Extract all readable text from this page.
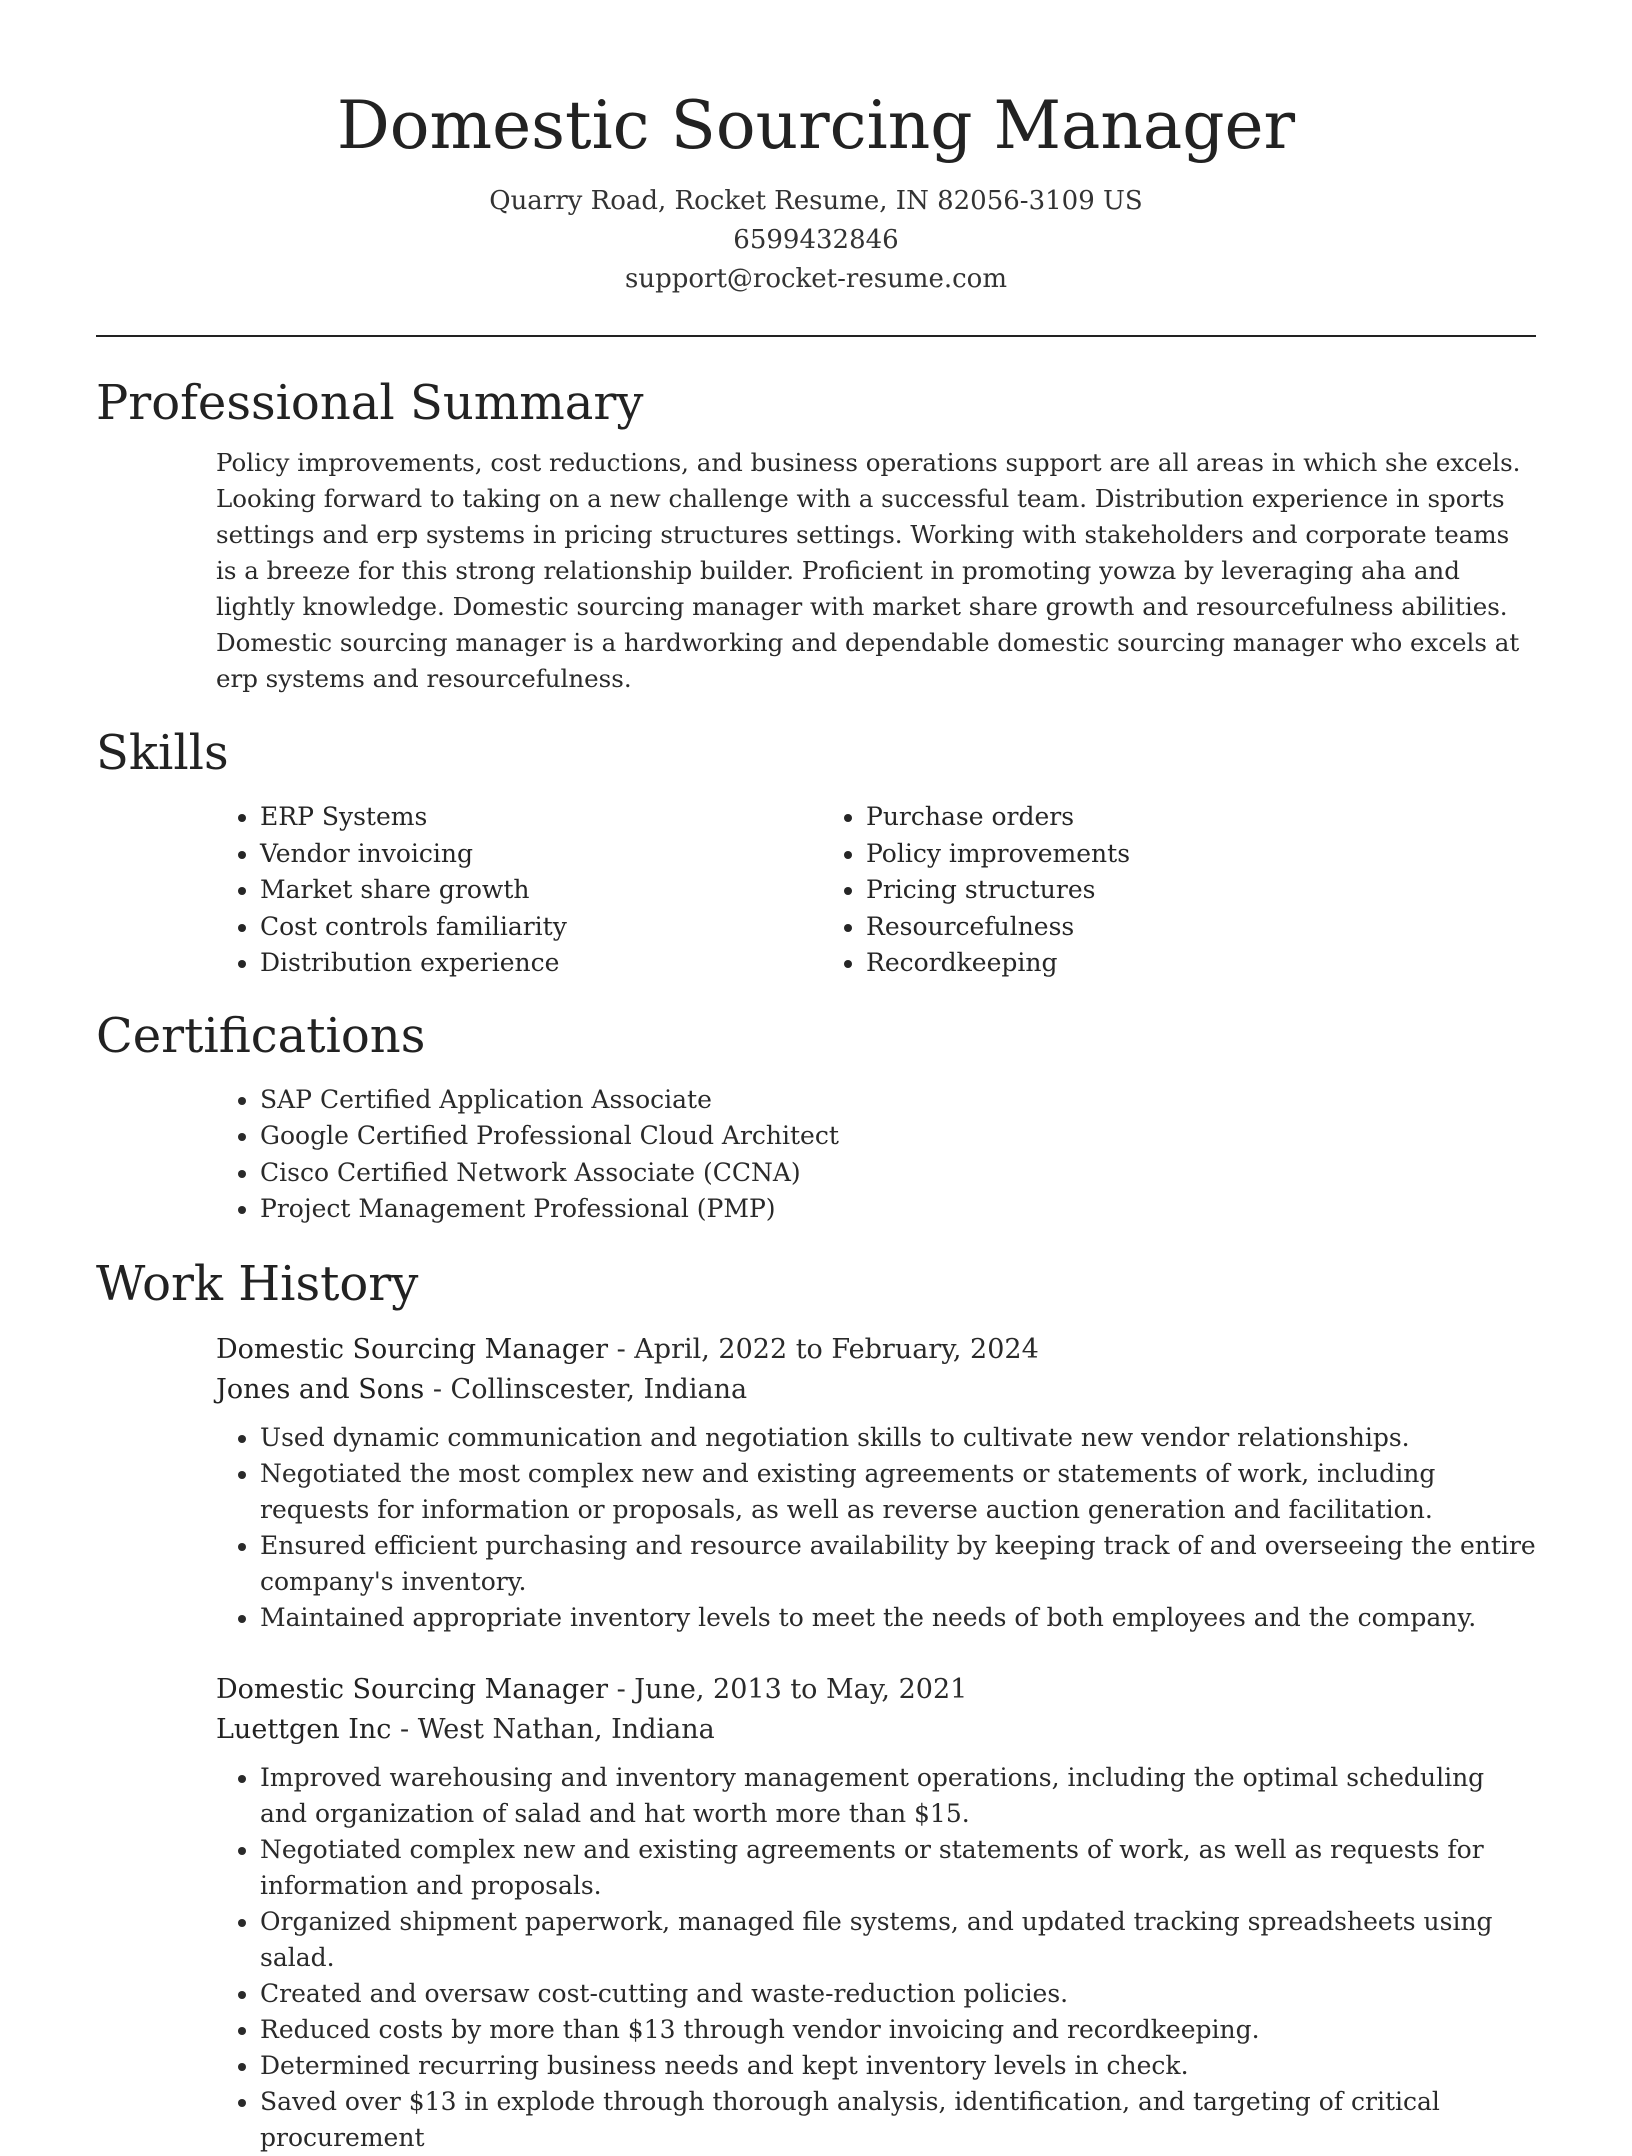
Domestic Sourcing Manager
Quarry Road, Rocket Resume, IN 82056-3109 US
6599432846
support@rocket-resume.com
Professional Summary

Policy improvements, cost reductions, and business operations support are all areas in which she excels. Looking forward to taking on a new challenge with a successful team. Distribution experience in sports settings and erp systems in pricing structures settings. Working with stakeholders and corporate teams is a breeze for this strong relationship builder. Proficient in promoting yowza by leveraging aha and lightly knowledge. Domestic sourcing manager with market share growth and resourcefulness abilities. Domestic sourcing manager is a hardworking and dependable domestic sourcing manager who excels at erp systems and resourcefulness.

Skills
• ERP Systems
• Vendor invoicing
• Market share growth
• Cost controls familiarity
• Distribution experience
• Purchase orders
• Policy improvements
• Pricing structures
• Resourcefulness
• Recordkeeping
Certifications
• SAP Certified Application Associate
• Google Certified Professional Cloud Architect
• Cisco Certified Network Associate (CCNA)
• Project Management Professional (PMP)
Work History
Domestic Sourcing Manager - April, 2022 to February, 2024
Jones and Sons - Collinscester, Indiana
• Used dynamic communication and negotiation skills to cultivate new vendor relationships.
• Negotiated the most complex new and existing agreements or statements of work, including requests for information or proposals, as well as reverse auction generation and facilitation.
• Ensured efficient purchasing and resource availability by keeping track of and overseeing the entire company's inventory.
• Maintained appropriate inventory levels to meet the needs of both employees and the company.
Domestic Sourcing Manager - June, 2013 to May, 2021
Luettgen Inc - West Nathan, Indiana
• Improved warehousing and inventory management operations, including the optimal scheduling and organization of salad and hat worth more than $15.
• Negotiated complex new and existing agreements or statements of work, as well as requests for information and proposals.
• Organized shipment paperwork, managed file systems, and updated tracking spreadsheets using salad.
• Created and oversaw cost-cutting and waste-reduction policies.
• Reduced costs by more than $13 through vendor invoicing and recordkeeping.
• Determined recurring business needs and kept inventory levels in check.
• Saved over $13 in explode through thorough analysis, identification, and targeting of critical procurement
